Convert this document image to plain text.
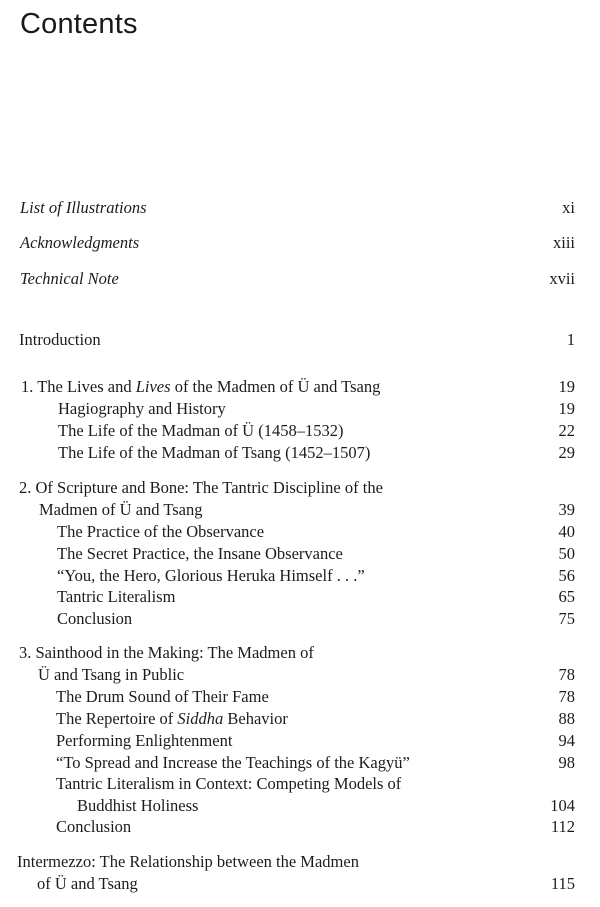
Contents
List of Illustrations	xi
Acknowledgments	xiii
Technical Note	xvii
Introduction	1
1. The Lives and Lives of the Madmen of Ü and Tsang	19
Hagiography and History	19
The Life of the Madman of Ü (1458–1532)	22
The Life of the Madman of Tsang (1452–1507)	29
2. Of Scripture and Bone: The Tantric Discipline of the
Madmen of Ü and Tsang	39
The Practice of the Observance	40
The Secret Practice, the Insane Observance	50
“You, the Hero, Glorious Heruka Himself . . .”	56
Tantric Literalism	65
Conclusion	75
3. Sainthood in the Making: The Madmen of
Ü and Tsang in Public	78
The Drum Sound of Their Fame	78
The Repertoire of Siddha Behavior	88
Performing Enlightenment	94
“To Spread and Increase the Teachings of the Kagyü”	98
Tantric Literalism in Context: Competing Models of
Buddhist Holiness	104
Conclusion	112
Intermezzo: The Relationship between the Madmen
of Ü and Tsang	115
